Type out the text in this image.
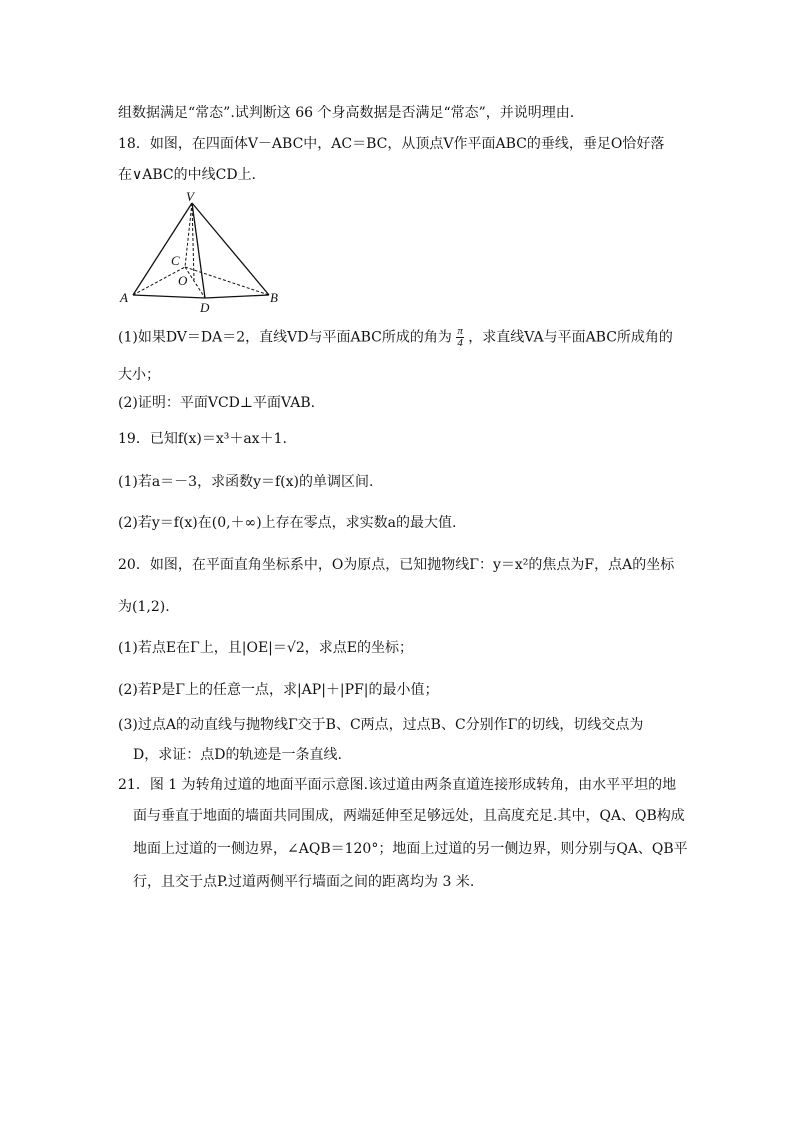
组数据满足“常态”.试判断这 66 个身高数据是否满足“常态”，并说明理由.
18．如图，在四面体V－ABC中，AC＝BC，从顶点V作平面ABC的垂线，垂足O恰好落
在∨ABC的中线CD上.
V
A	B
C
O
D
(1)如果DV＝DA＝2，直线VD与平面ABC所成的角为 $\frac{\pi}{4}$ ，求直线VA与平面ABC所成角的
大小；
(2)证明：平面VCD⊥平面VAB.
19．已知f(x)＝x³＋ax＋1.
(1)若a＝－3，求函数y＝f(x)的单调区间.
(2)若y＝f(x)在(0,＋∞)上存在零点，求实数a的最大值.
20．如图，在平面直角坐标系中，O为原点，已知抛物线Γ：y＝x²的焦点为F，点A的坐标
为(1,2).
(1)若点E在Γ上，且|OE|＝√2，求点E的坐标；
(2)若P是Γ上的任意一点，求|AP|＋|PF|的最小值；
(3)过点A的动直线与抛物线Γ交于B、C两点，过点B、C分别作Γ的切线，切线交点为
D，求证：点D的轨迹是一条直线.
21．图 1 为转角过道的地面平面示意图.该过道由两条直道连接形成转角，由水平平坦的地
面与垂直于地面的墙面共同围成，两端延伸至足够远处，且高度充足.其中，QA、QB构成
地面上过道的一侧边界，∠AQB＝120°；地面上过道的另一侧边界，则分别与QA、QB平
行，且交于点P.过道两侧平行墙面之间的距离均为 3 米.
